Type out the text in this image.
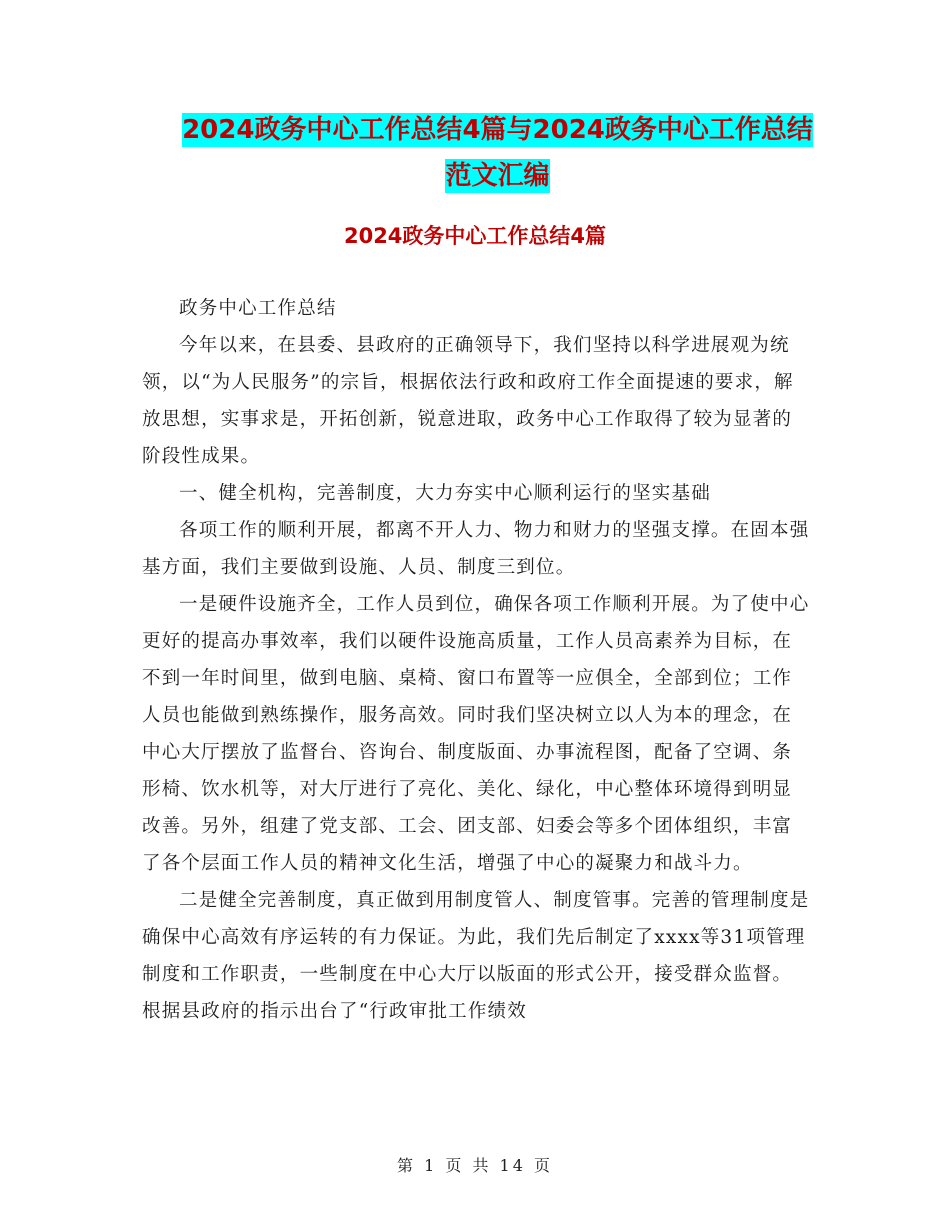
2024政务中心工作总结4篇与2024政务中心工作总结
范文汇编
2024政务中心工作总结4篇

政务中心工作总结

今年以来，在县委、县政府的正确领导下，我们坚持以科学进展观为统领，以“为人民服务”的宗旨，根据依法行政和政府工作全面提速的要求，解放思想，实事求是，开拓创新，锐意进取，政务中心工作取得了较为显著的阶段性成果。

一、健全机构，完善制度，大力夯实中心顺利运行的坚实基础

各项工作的顺利开展，都离不开人力、物力和财力的坚强支撑。在固本强基方面，我们主要做到设施、人员、制度三到位。

一是硬件设施齐全，工作人员到位，确保各项工作顺利开展。为了使中心更好的提高办事效率，我们以硬件设施高质量，工作人员高素养为目标，在不到一年时间里，做到电脑、桌椅、窗口布置等一应俱全，全部到位；工作人员也能做到熟练操作，服务高效。同时我们坚决树立以人为本的理念，在中心大厅摆放了监督台、咨询台、制度版面、办事流程图，配备了空调、条形椅、饮水机等，对大厅进行了亮化、美化、绿化，中心整体环境得到明显改善。另外，组建了党支部、工会、团支部、妇委会等多个团体组织，丰富了各个层面工作人员的精神文化生活，增强了中心的凝聚力和战斗力。

二是健全完善制度，真正做到用制度管人、制度管事。完善的管理制度是确保中心高效有序运转的有力保证。为此，我们先后制定了xxxx等31项管理制度和工作职责，一些制度在中心大厅以版面的形式公开，接受群众监督。根据县政府的指示出台了“行政审批工作绩效

第 1 页 共 14 页
